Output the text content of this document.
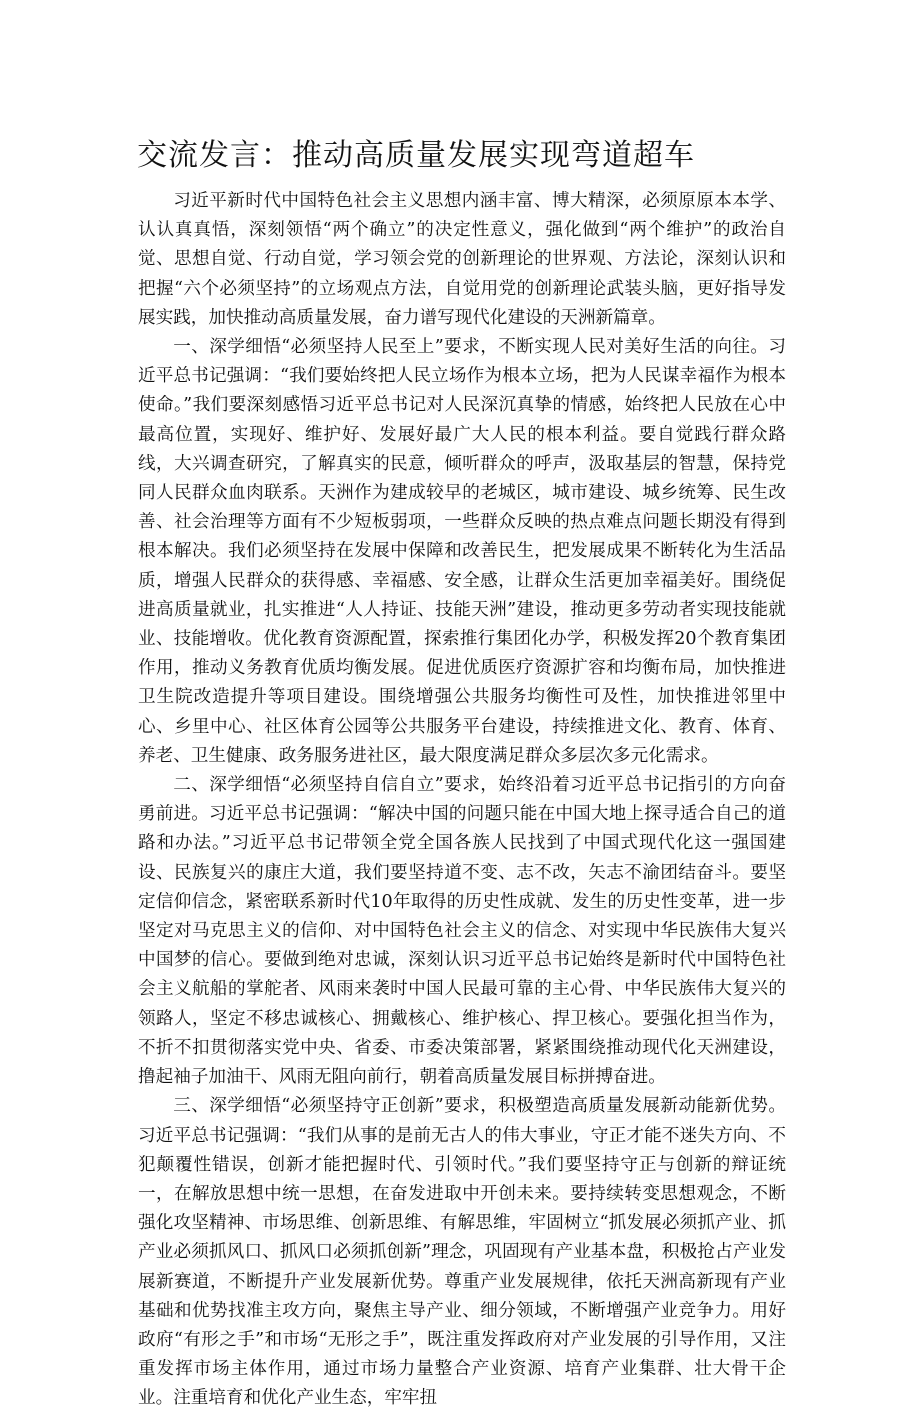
交流发言：推动高质量发展实现弯道超车

习近平新时代中国特色社会主义思想内涵丰富、博大精深，必须原原本本学、认认真真悟，深刻领悟“两个确立”的决定性意义，强化做到“两个维护”的政治自觉、思想自觉、行动自觉，学习领会党的创新理论的世界观、方法论，深刻认识和把握“六个必须坚持”的立场观点方法，自觉用党的创新理论武装头脑，更好指导发展实践，加快推动高质量发展，奋力谱写现代化建设的天洲新篇章。

一、深学细悟“必须坚持人民至上”要求，不断实现人民对美好生活的向往。习近平总书记强调：“我们要始终把人民立场作为根本立场，把为人民谋幸福作为根本使命。”我们要深刻感悟习近平总书记对人民深沉真挚的情感，始终把人民放在心中最高位置，实现好、维护好、发展好最广大人民的根本利益。要自觉践行群众路线，大兴调查研究，了解真实的民意，倾听群众的呼声，汲取基层的智慧，保持党同人民群众血肉联系。天洲作为建成较早的老城区，城市建设、城乡统筹、民生改善、社会治理等方面有不少短板弱项，一些群众反映的热点难点问题长期没有得到根本解决。我们必须坚持在发展中保障和改善民生，把发展成果不断转化为生活品质，增强人民群众的获得感、幸福感、安全感，让群众生活更加幸福美好。围绕促进高质量就业，扎实推进“人人持证、技能天洲”建设，推动更多劳动者实现技能就业、技能增收。优化教育资源配置，探索推行集团化办学，积极发挥20个教育集团作用，推动义务教育优质均衡发展。促进优质医疗资源扩容和均衡布局，加快推进卫生院改造提升等项目建设。围绕增强公共服务均衡性可及性，加快推进邻里中心、乡里中心、社区体育公园等公共服务平台建设，持续推进文化、教育、体育、养老、卫生健康、政务服务进社区，最大限度满足群众多层次多元化需求。

二、深学细悟“必须坚持自信自立”要求，始终沿着习近平总书记指引的方向奋勇前进。习近平总书记强调：“解决中国的问题只能在中国大地上探寻适合自己的道路和办法。”习近平总书记带领全党全国各族人民找到了中国式现代化这一强国建设、民族复兴的康庄大道，我们要坚持道不变、志不改，矢志不渝团结奋斗。要坚定信仰信念，紧密联系新时代10年取得的历史性成就、发生的历史性变革，进一步坚定对马克思主义的信仰、对中国特色社会主义的信念、对实现中华民族伟大复兴中国梦的信心。要做到绝对忠诚，深刻认识习近平总书记始终是新时代中国特色社会主义航船的掌舵者、风雨来袭时中国人民最可靠的主心骨、中华民族伟大复兴的领路人，坚定不移忠诚核心、拥戴核心、维护核心、捍卫核心。要强化担当作为，不折不扣贯彻落实党中央、省委、市委决策部署，紧紧围绕推动现代化天洲建设，撸起袖子加油干、风雨无阻向前行，朝着高质量发展目标拼搏奋进。

三、深学细悟“必须坚持守正创新”要求，积极塑造高质量发展新动能新优势。习近平总书记强调：“我们从事的是前无古人的伟大事业，守正才能不迷失方向、不犯颠覆性错误，创新才能把握时代、引领时代。”我们要坚持守正与创新的辩证统一，在解放思想中统一思想，在奋发进取中开创未来。要持续转变思想观念，不断强化攻坚精神、市场思维、创新思维、有解思维，牢固树立“抓发展必须抓产业、抓产业必须抓风口、抓风口必须抓创新”理念，巩固现有产业基本盘，积极抢占产业发展新赛道，不断提升产业发展新优势。尊重产业发展规律，依托天洲高新现有产业基础和优势找准主攻方向，聚焦主导产业、细分领域，不断增强产业竞争力。用好政府“有形之手”和市场“无形之手”，既注重发挥政府对产业发展的引导作用，又注重发挥市场主体作用，通过市场力量整合产业资源、培育产业集群、壮大骨干企业。注重培育和优化产业生态，牢牢扭
